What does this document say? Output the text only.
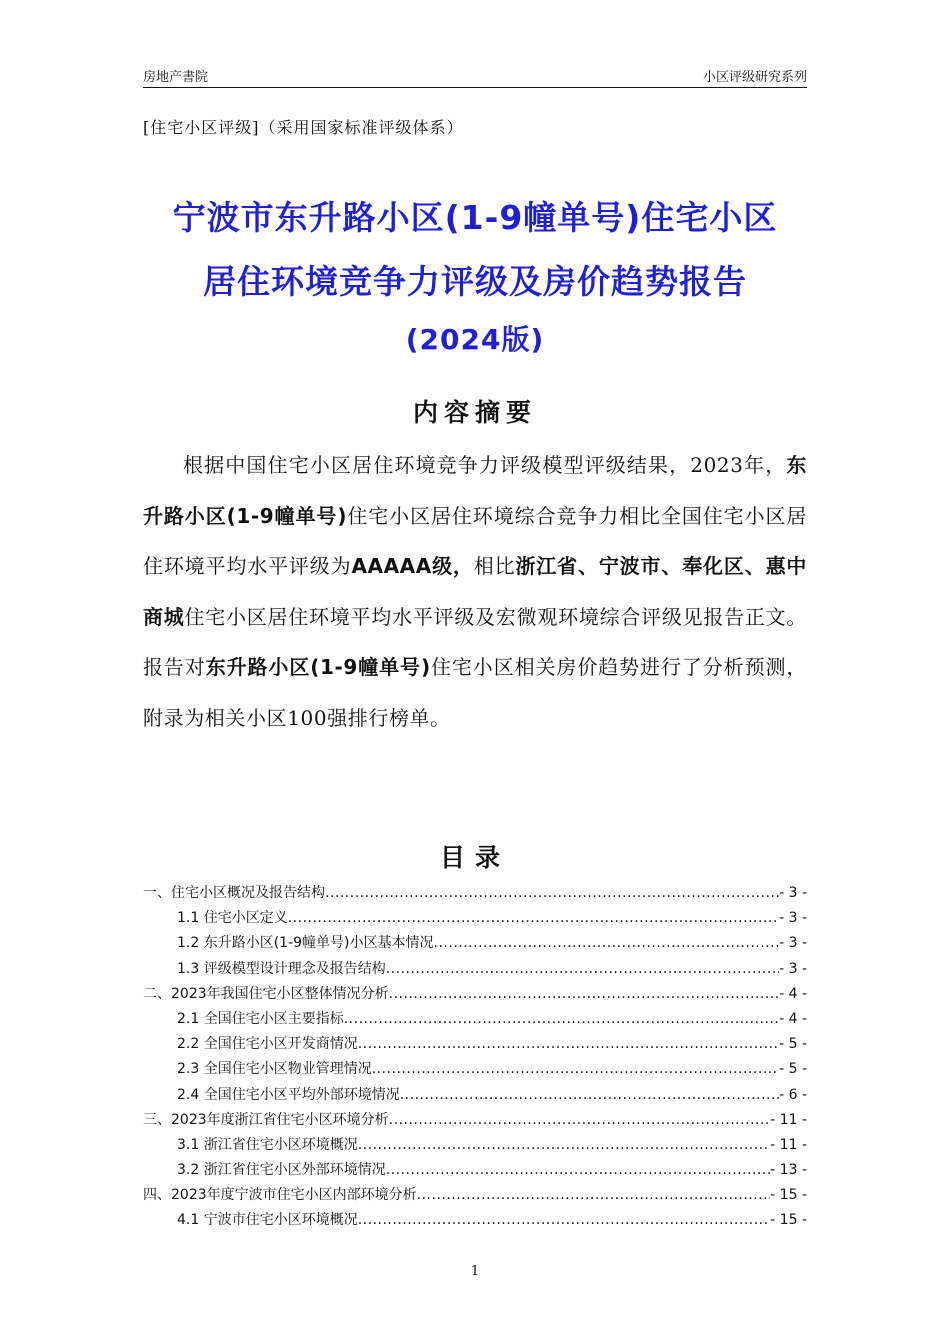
房地产書院	小区评级研究系列
[住宅小区评级]（采用国家标准评级体系）
宁波市东升路小区(1-9幢单号)住宅小区
居住环境竞争力评级及房价趋势报告
(2024版)
内容摘要

根据中国住宅小区居住环境竞争力评级模型评级结果，2023年，东升路小区(1-9幢单号)住宅小区居住环境综合竞争力相比全国住宅小区居住环境平均水平评级为AAAAA级，相比浙江省、宁波市、奉化区、惠中商城住宅小区居住环境平均水平评级及宏微观环境综合评级见报告正文。报告对东升路小区(1-9幢单号)住宅小区相关房价趋势进行了分析预测，附录为相关小区100强排行榜单。

目录
一、住宅小区概况及报告结构 .....	- 3 -
1.1 住宅小区定义 .....	- 3 -
1.2 东升路小区(1-9幢单号)小区基本情况 .....	- 3 -
1.3 评级模型设计理念及报告结构 .....	- 3 -
二、2023年我国住宅小区整体情况分析 .....	- 4 -
2.1 全国住宅小区主要指标 .....	- 4 -
2.2 全国住宅小区开发商情况 .....	- 5 -
2.3 全国住宅小区物业管理情况 .....	- 5 -
2.4 全国住宅小区平均外部环境情况 .....	- 6 -
三、2023年度浙江省住宅小区环境分析 .....	- 11 -
3.1 浙江省住宅小区环境概况 .....	- 11 -
3.2 浙江省住宅小区外部环境情况 .....	- 13 -
四、2023年度宁波市住宅小区内部环境分析 .....	- 15 -
4.1 宁波市住宅小区环境概况 .....	- 15 -
1
